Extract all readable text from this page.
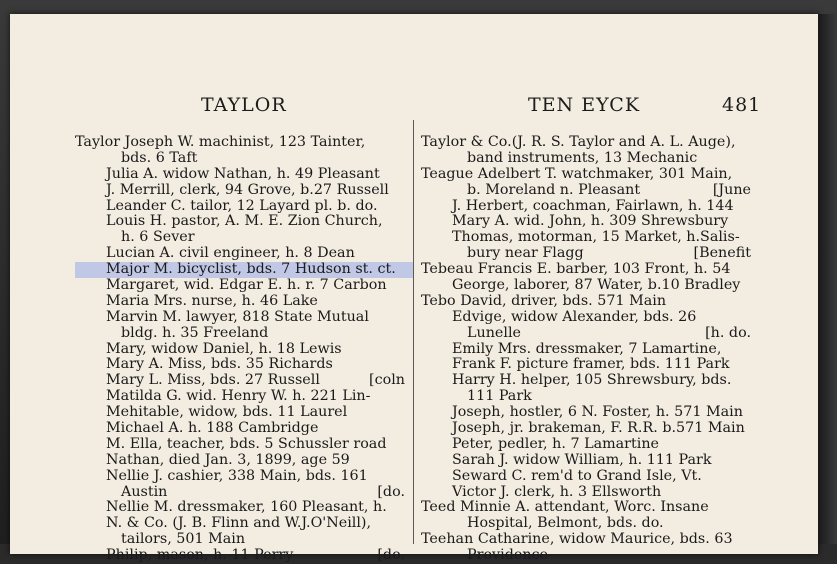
TAYLOR	TEN EYCK	481
Taylor Joseph W. machinist, 123 Tainter,
bds. 6 Taft
Julia A. widow Nathan, h. 49 Pleasant
J. Merrill, clerk, 94 Grove, b.27 Russell
Leander C. tailor, 12 Layard pl. b. do.
Louis H. pastor, A. M. E. Zion Church,
h. 6 Sever
Lucian A. civil engineer, h. 8 Dean
Major M. bicyclist, bds. 7 Hudson st. ct.
Margaret, wid. Edgar E. h. r. 7 Carbon
Maria Mrs. nurse, h. 46 Lake
Marvin M. lawyer, 818 State Mutual
bldg. h. 35 Freeland
Mary, widow Daniel, h. 18 Lewis
Mary A. Miss, bds. 35 Richards
Mary L. Miss, bds. 27 Russell	[coln
Matilda G. wid. Henry W. h. 221 Lin-
Mehitable, widow, bds. 11 Laurel
Michael A. h. 188 Cambridge
M. Ella, teacher, bds. 5 Schussler road
Nathan, died Jan. 3, 1899, age 59
Nellie J. cashier, 338 Main, bds. 161
Austin	[do.
Nellie M. dressmaker, 160 Pleasant, h.
N. & Co. (J. B. Flinn and W.J.O'Neill),
tailors, 501 Main
Philip, mason, h. 11 Perry	[do.
Taylor & Co.(J. R. S. Taylor and A. L. Auge),
band instruments, 13 Mechanic
Teague Adelbert T. watchmaker, 301 Main,
b. Moreland n. Pleasant	[June
J. Herbert, coachman, Fairlawn, h. 144
Mary A. wid. John, h. 309 Shrewsbury
Thomas, motorman, 15 Market, h.Salis-
bury near Flagg	[Benefit
Tebeau Francis E. barber, 103 Front, h. 54
George, laborer, 87 Water, b.10 Bradley
Tebo David, driver, bds. 571 Main
Edvige, widow Alexander, bds. 26
Lunelle	[h. do.
Emily Mrs. dressmaker, 7 Lamartine,
Frank F. picture framer, bds. 111 Park
Harry H. helper, 105 Shrewsbury, bds.
111 Park
Joseph, hostler, 6 N. Foster, h. 571 Main
Joseph, jr. brakeman, F. R.R. b.571 Main
Peter, pedler, h. 7 Lamartine
Sarah J. widow William, h. 111 Park
Seward C. rem'd to Grand Isle, Vt.
Victor J. clerk, h. 3 Ellsworth
Teed Minnie A. attendant, Worc. Insane
Hospital, Belmont, bds. do.
Teehan Catharine, widow Maurice, bds. 63
Providence
